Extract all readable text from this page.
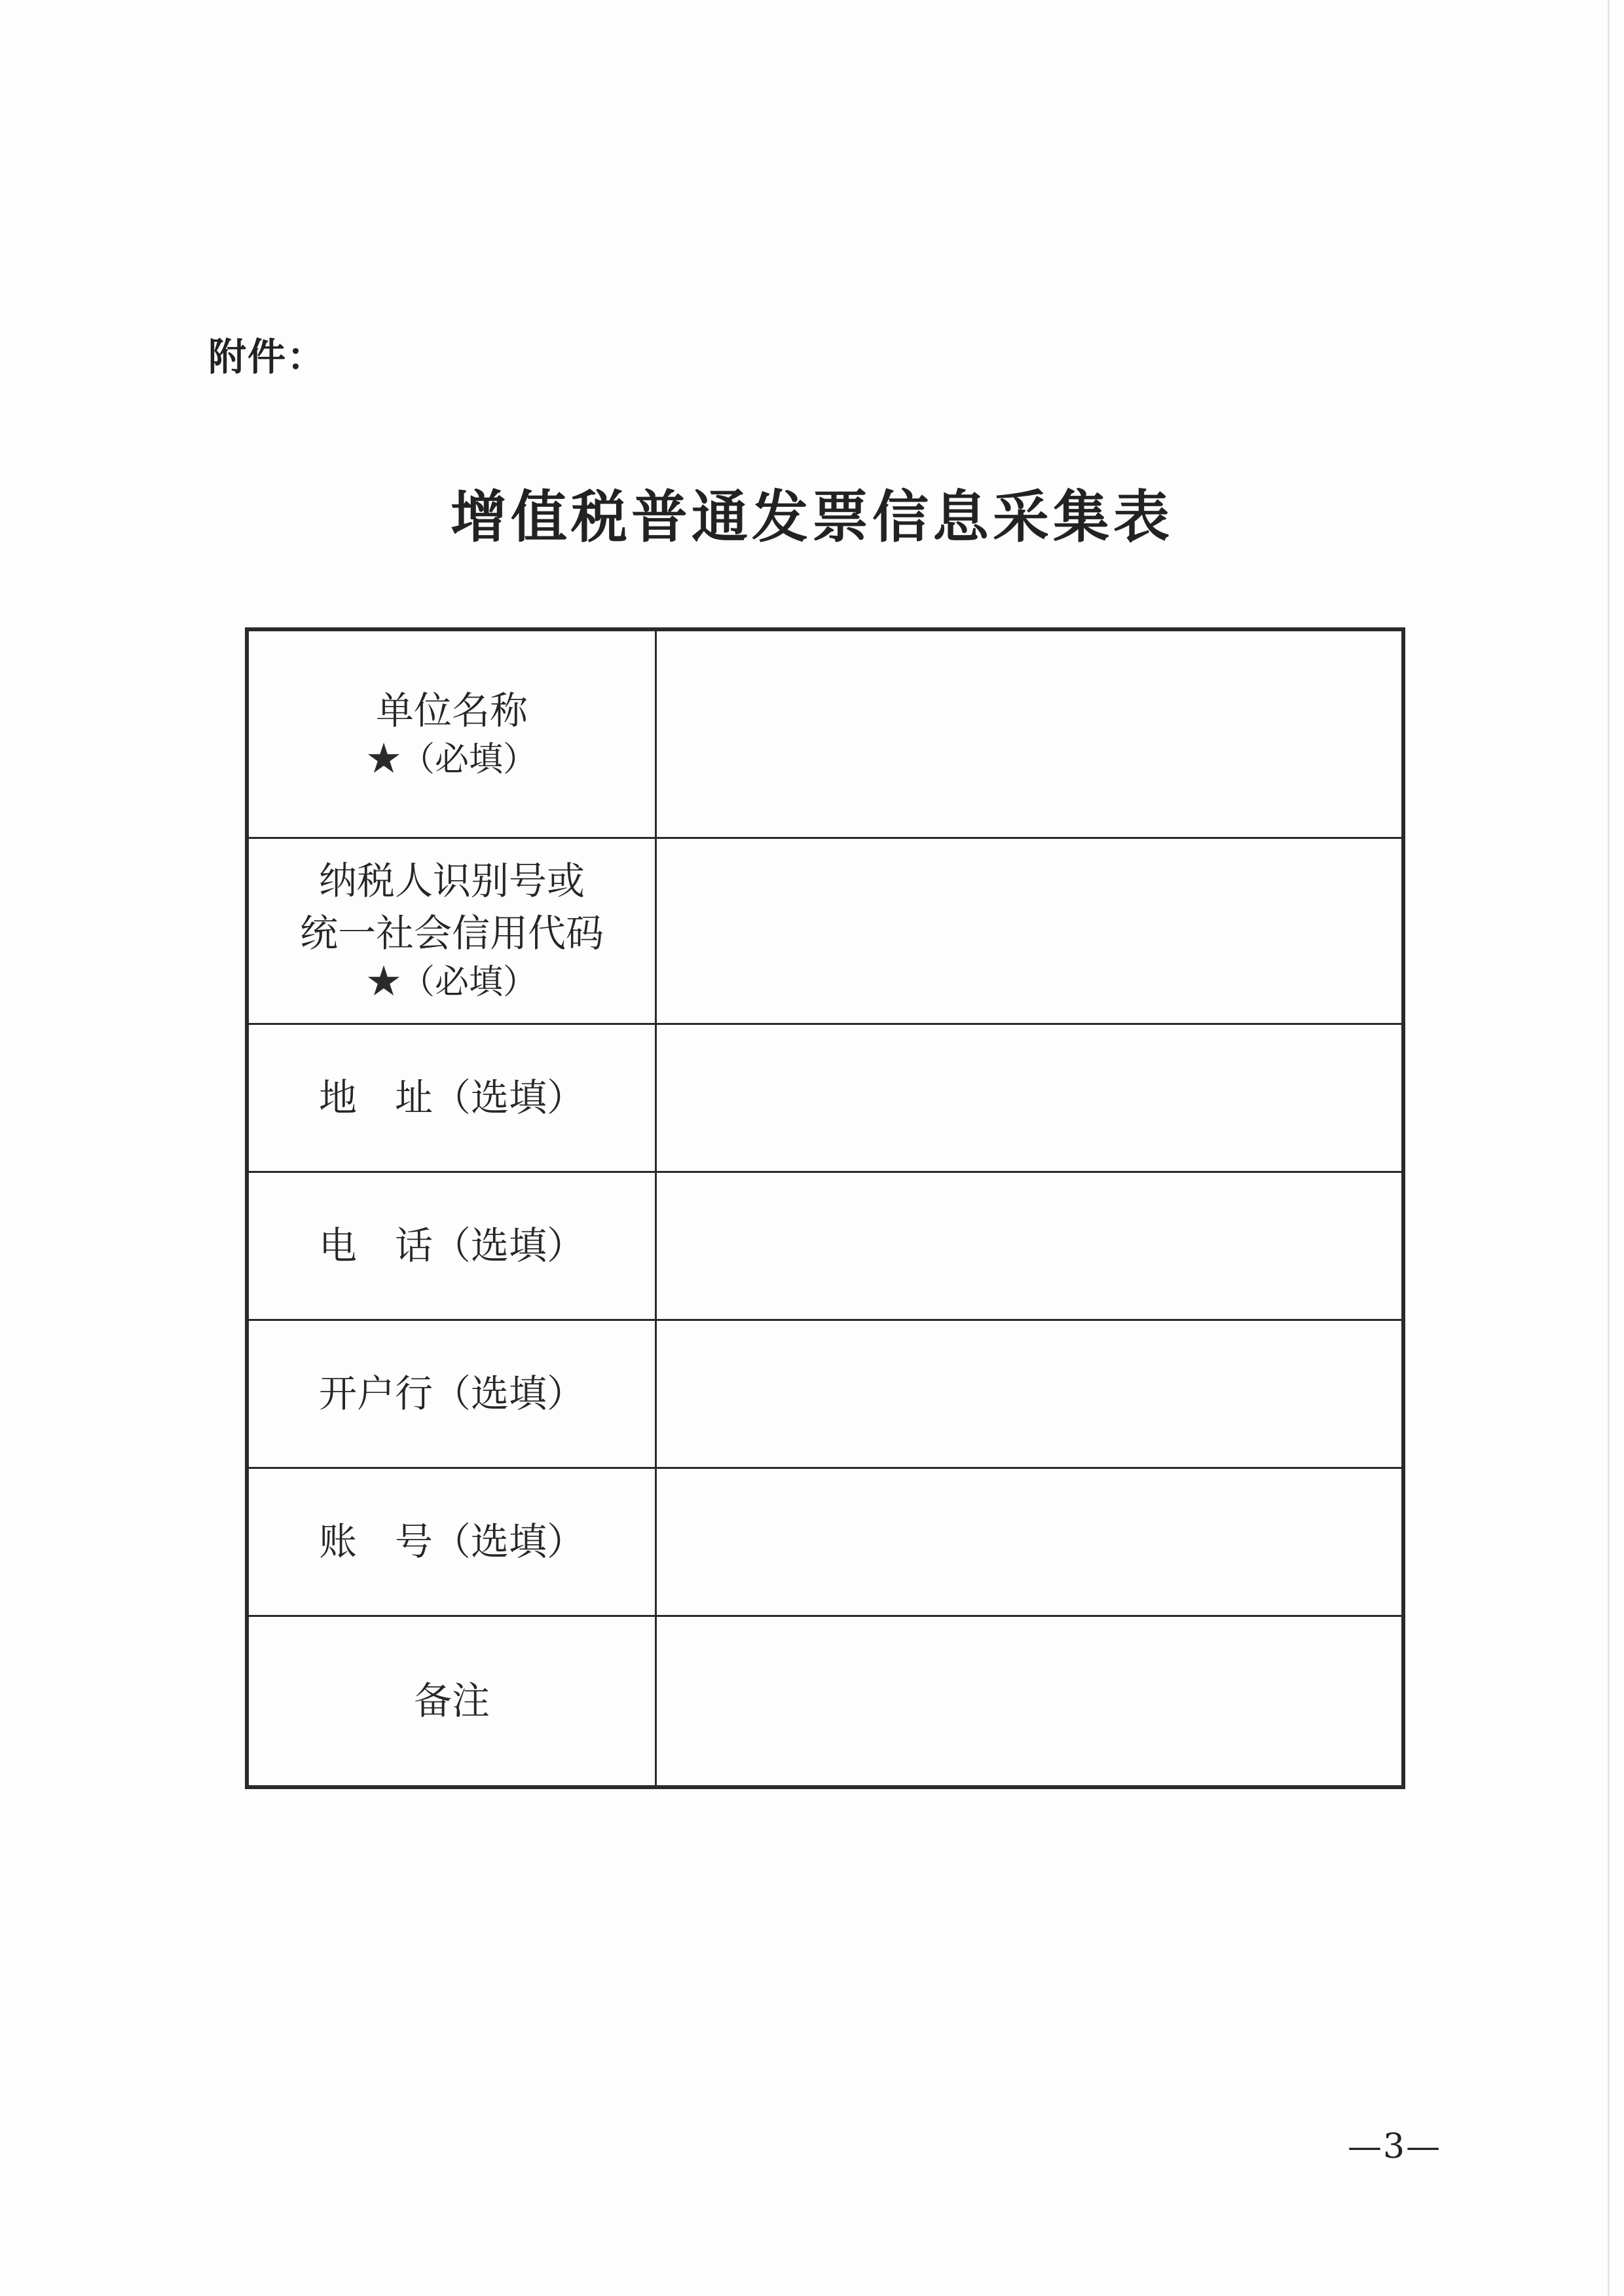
附件：
增值税普通发票信息采集表
单位名称
★（必填）	

纳税人识别号或
统一社会信用代码
★（必填）	

地　址（选填）	
电　话（选填）	
开户行（选填）	
账　号（选填）	
备注	
—3—
